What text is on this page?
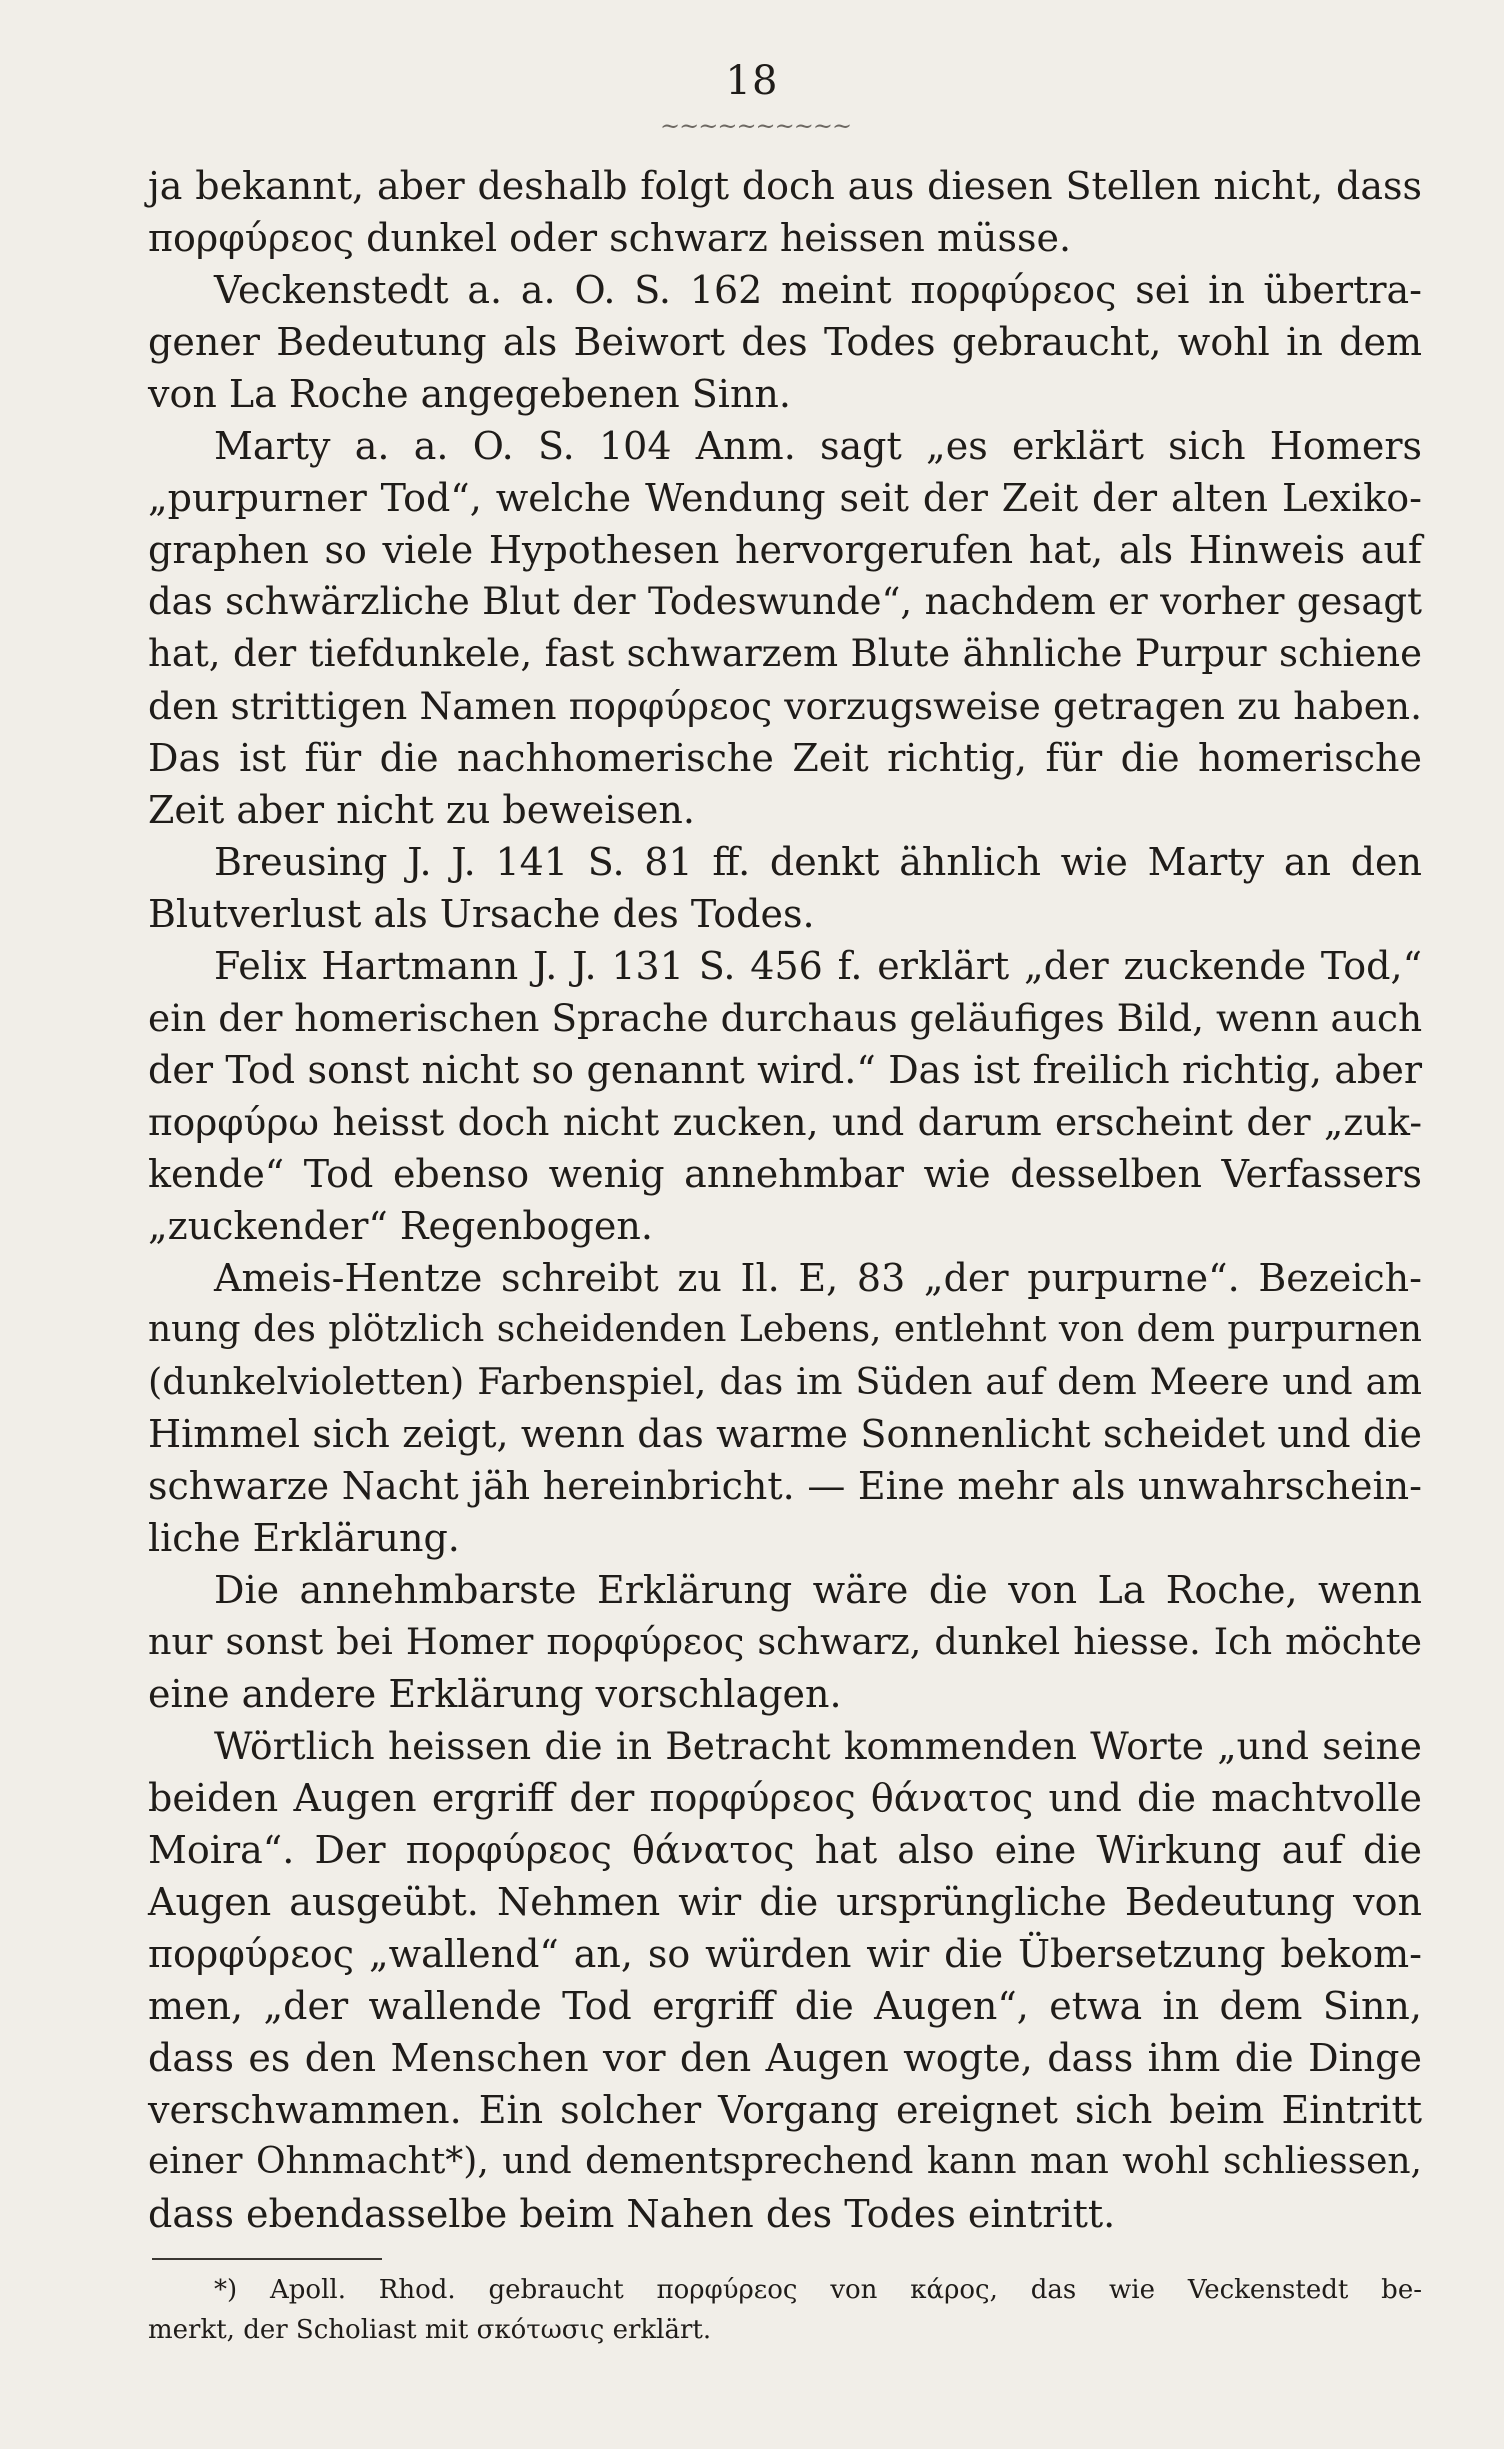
18
~~~~~~~~~~
ja bekannt, aber deshalb folgt doch aus diesen Stellen nicht, dass
πορφύρεος dunkel oder schwarz heissen müsse.
Veckenstedt a. a. O. S. 162 meint πορφύρεος sei in übertra-
gener Bedeutung als Beiwort des Todes gebraucht, wohl in dem
von La Roche angegebenen Sinn.
Marty a. a. O. S. 104 Anm. sagt „es erklärt sich Homers
„purpurner Tod“, welche Wendung seit der Zeit der alten Lexiko-
graphen so viele Hypothesen hervorgerufen hat, als Hinweis auf
das schwärzliche Blut der Todeswunde“, nachdem er vorher gesagt
hat, der tiefdunkele, fast schwarzem Blute ähnliche Purpur schiene
den strittigen Namen πορφύρεος vorzugsweise getragen zu haben.
Das ist für die nachhomerische Zeit richtig, für die homerische
Zeit aber nicht zu beweisen.
Breusing J. J. 141 S. 81 ff. denkt ähnlich wie Marty an den
Blutverlust als Ursache des Todes.
Felix Hartmann J. J. 131 S. 456 f. erklärt „der zuckende Tod,“
ein der homerischen Sprache durchaus geläufiges Bild, wenn auch
der Tod sonst nicht so genannt wird.“ Das ist freilich richtig, aber
πορφύρω heisst doch nicht zucken, und darum erscheint der „zuk-
kende“ Tod ebenso wenig annehmbar wie desselben Verfassers
„zuckender“ Regenbogen.
Ameis-Hentze schreibt zu Il. E, 83 „der purpurne“. Bezeich-
nung des plötzlich scheidenden Lebens, entlehnt von dem purpurnen
(dunkelvioletten) Farbenspiel, das im Süden auf dem Meere und am
Himmel sich zeigt, wenn das warme Sonnenlicht scheidet und die
schwarze Nacht jäh hereinbricht. — Eine mehr als unwahrschein-
liche Erklärung.
Die annehmbarste Erklärung wäre die von La Roche, wenn
nur sonst bei Homer πορφύρεος schwarz, dunkel hiesse. Ich möchte
eine andere Erklärung vorschlagen.
Wörtlich heissen die in Betracht kommenden Worte „und seine
beiden Augen ergriff der πορφύρεος θάνατος und die machtvolle
Moira“. Der πορφύρεος θάνατος hat also eine Wirkung auf die
Augen ausgeübt. Nehmen wir die ursprüngliche Bedeutung von
πορφύρεος „wallend“ an, so würden wir die Übersetzung bekom-
men, „der wallende Tod ergriff die Augen“, etwa in dem Sinn,
dass es den Menschen vor den Augen wogte, dass ihm die Dinge
verschwammen. Ein solcher Vorgang ereignet sich beim Eintritt
einer Ohnmacht*), und dementsprechend kann man wohl schliessen,
dass ebendasselbe beim Nahen des Todes eintritt.
*) Apoll. Rhod. gebraucht πορφύρεος von κάρος, das wie Veckenstedt be-
merkt, der Scholiast mit σκότωσις erklärt.
